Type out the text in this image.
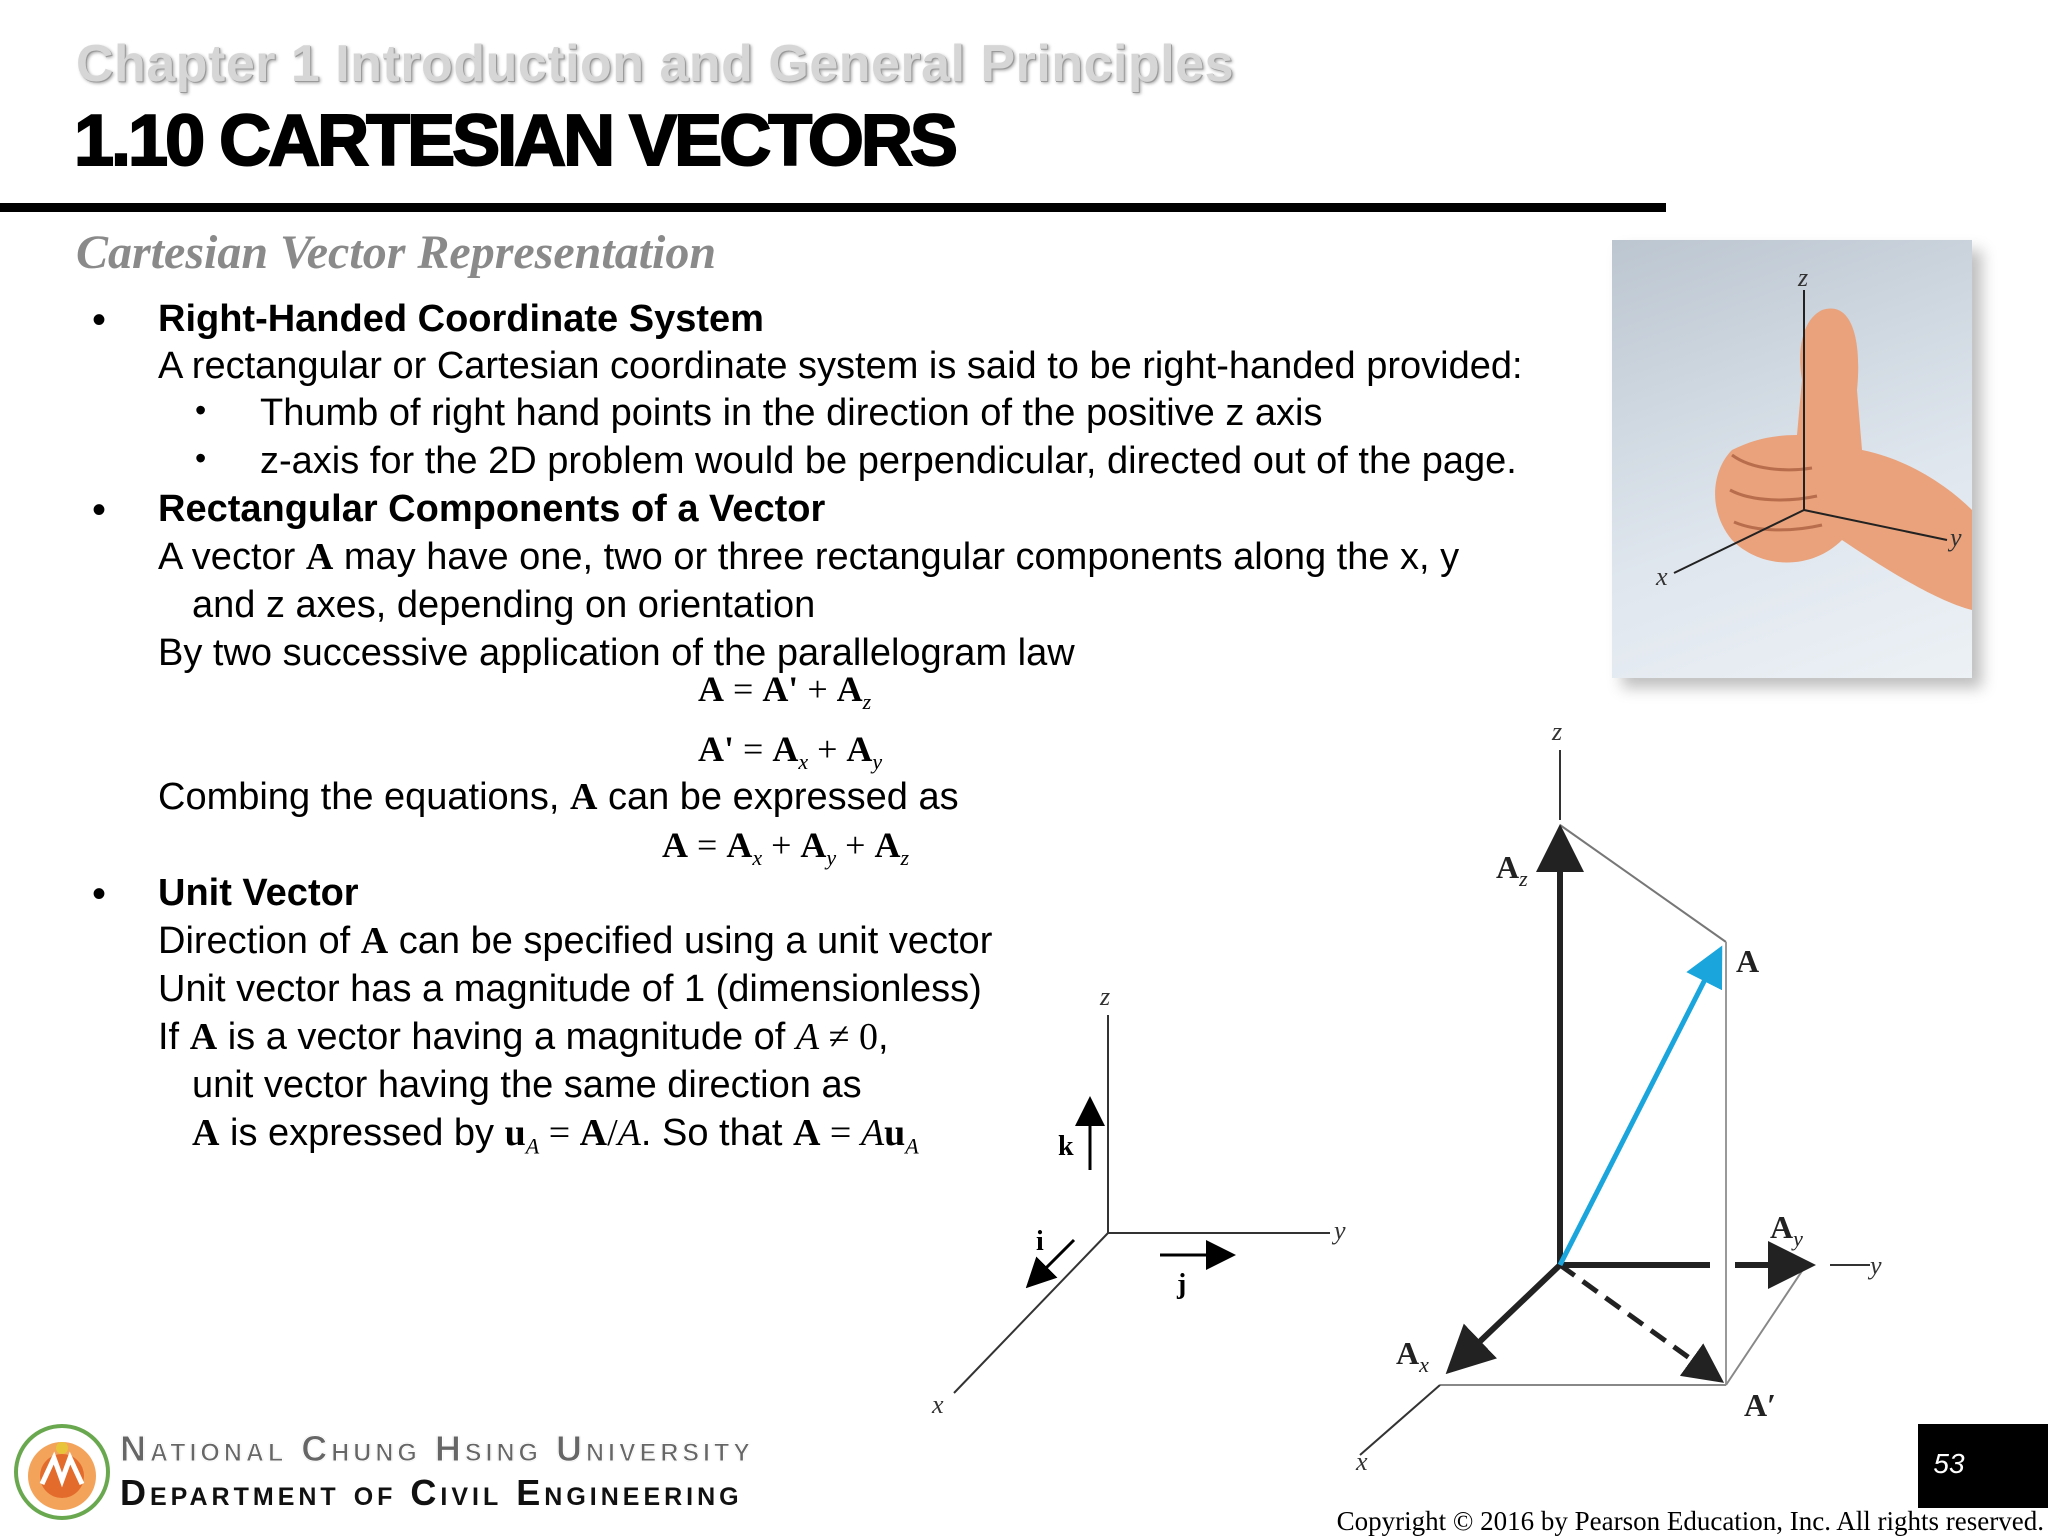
Chapter 1 Introduction and General Principles
1.10 CARTESIAN VECTORS
Cartesian Vector Representation
• Right-Handed Coordinate System
A rectangular or Cartesian coordinate system is said to be right-handed provided:
• Thumb of right hand points in the direction of the positive z axis
• z-axis for the 2D problem would be perpendicular, directed out of the page.
• Rectangular Components of a Vector
A vector A may have one, two or three rectangular components along the x, y
and z axes, depending on orientation
By two successive application of the parallelogram law
$A = A' + A_z$
$A' = A_x + A_y$
Combing the equations, A can be expressed as
$A = A_x + A_y + A_z$
• Unit Vector
Direction of A can be specified using a unit vector
Unit vector has a magnitude of 1 (dimensionless)
If A is a vector having a magnitude of A ≠ 0,
unit vector having the same direction as
A is expressed by $u_A = A/A$. So that $A = Au_A$
z
y
x
z
y
x
k
j
i
z
y
x
$A_z$
A
$A_y$
$A_x$
A′
National Chung Hsing University
Department of Civil Engineering
53
Copyright © 2016 by Pearson Education, Inc. All rights reserved.
